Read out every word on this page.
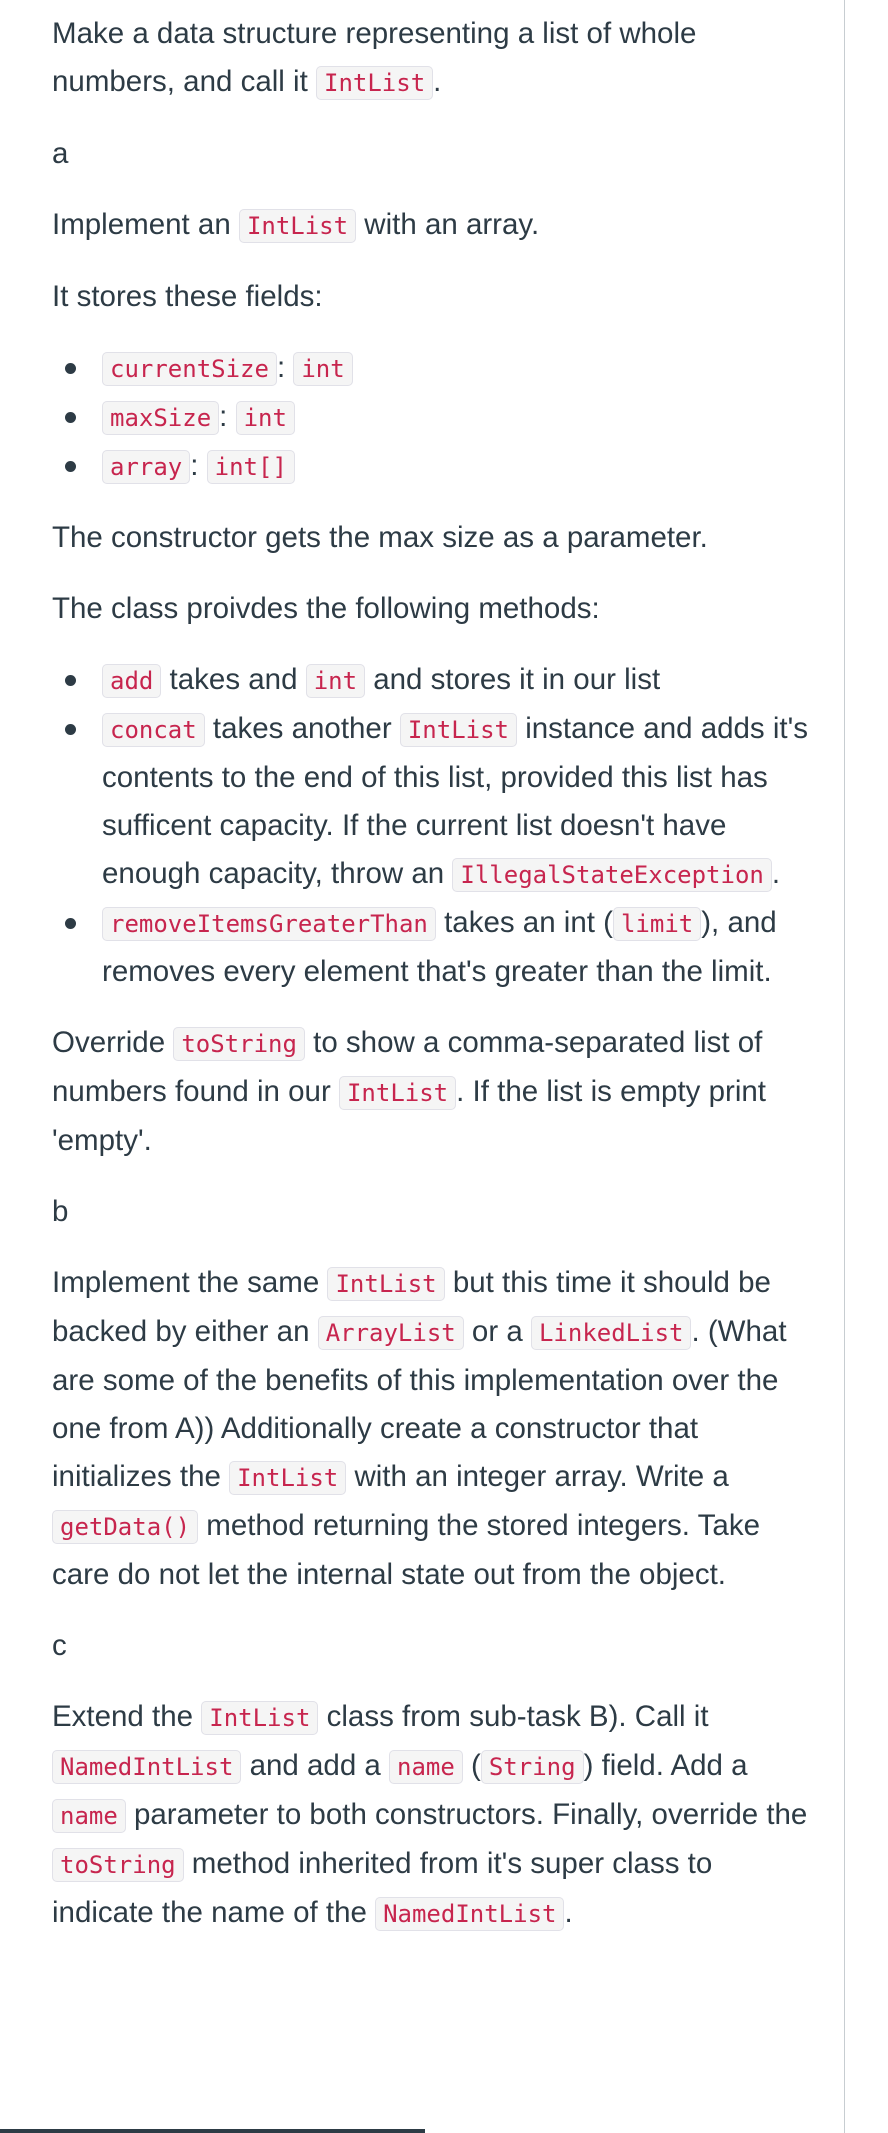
Make a data structure representing a list of whole numbers, and call it IntList .

a

Implement an IntList with an array.

It stores these fields:

currentSize : int
maxSize : int
array : int[]

The constructor gets the max size as a parameter.

The class proivdes the following methods:

add takes and int and stores it in our list
concat takes another IntList instance and adds it's contents to the end of this list, provided this list has sufficent capacity. If the current list doesn't have enough capacity, throw an IllegalStateException .
removeItemsGreaterThan takes an int ( limit ), and removes every element that's greater than the limit.

Override toString to show a comma-separated list of numbers found in our IntList . If the list is empty print 'empty'.

b

Implement the same IntList but this time it should be backed by either an ArrayList or a LinkedList . (What are some of the benefits of this implementation over the one from A)) Additionally create a constructor that initializes the IntList with an integer array. Write a getData() method returning the stored integers. Take care do not let the internal state out from the object.

c

Extend the IntList class from sub-task B). Call it NamedIntList and add a name ( String ) field. Add a name parameter to both constructors. Finally, override the toString method inherited from it's super class to indicate the name of the NamedIntList .
